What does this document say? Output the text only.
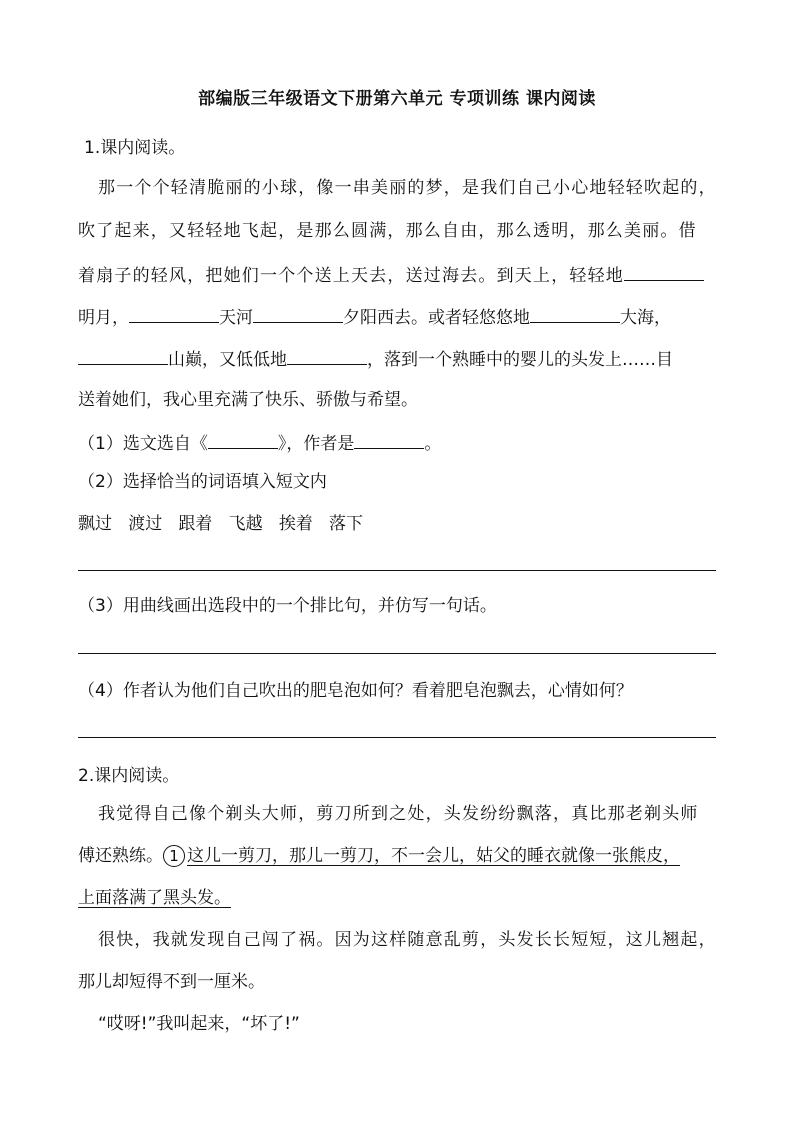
部编版三年级语文下册第六单元 专项训练 课内阅读
1.课内阅读。
那一个个轻清脆丽的小球，像一串美丽的梦，是我们自己小心地轻轻吹起的，
吹了起来，又轻轻地飞起，是那么圆满，那么自由，那么透明，那么美丽。借
着扇子的轻风，把她们一个个送上天去，送过海去。到天上，轻轻地
明月，	天河	夕阳西去。或者轻悠悠地	大海，
山巅，又低低地	，落到一个熟睡中的婴儿的头发上……目
送着她们，我心里充满了快乐、骄傲与希望。
（1）选文选自《	》，作者是	。
（2）选择恰当的词语填入短文内
飘过   渡过   跟着   飞越   挨着   落下
（3）用曲线画出选段中的一个排比句，并仿写一句话。
（4）作者认为他们自己吹出的肥皂泡如何？看着肥皂泡飘去，心情如何？
2.课内阅读。
我觉得自己像个剃头大师，剪刀所到之处，头发纷纷飘落，真比那老剃头师
傅还熟练。 1 这儿一剪刀，那儿一剪刀，不一会儿，姑父的睡衣就像一张熊皮，
上面落满了黑头发。
很快，我就发现自己闯了祸。因为这样随意乱剪，头发长长短短，这儿翘起，
那儿却短得不到一厘米。
“哎呀!”我叫起来，“坏了!”
